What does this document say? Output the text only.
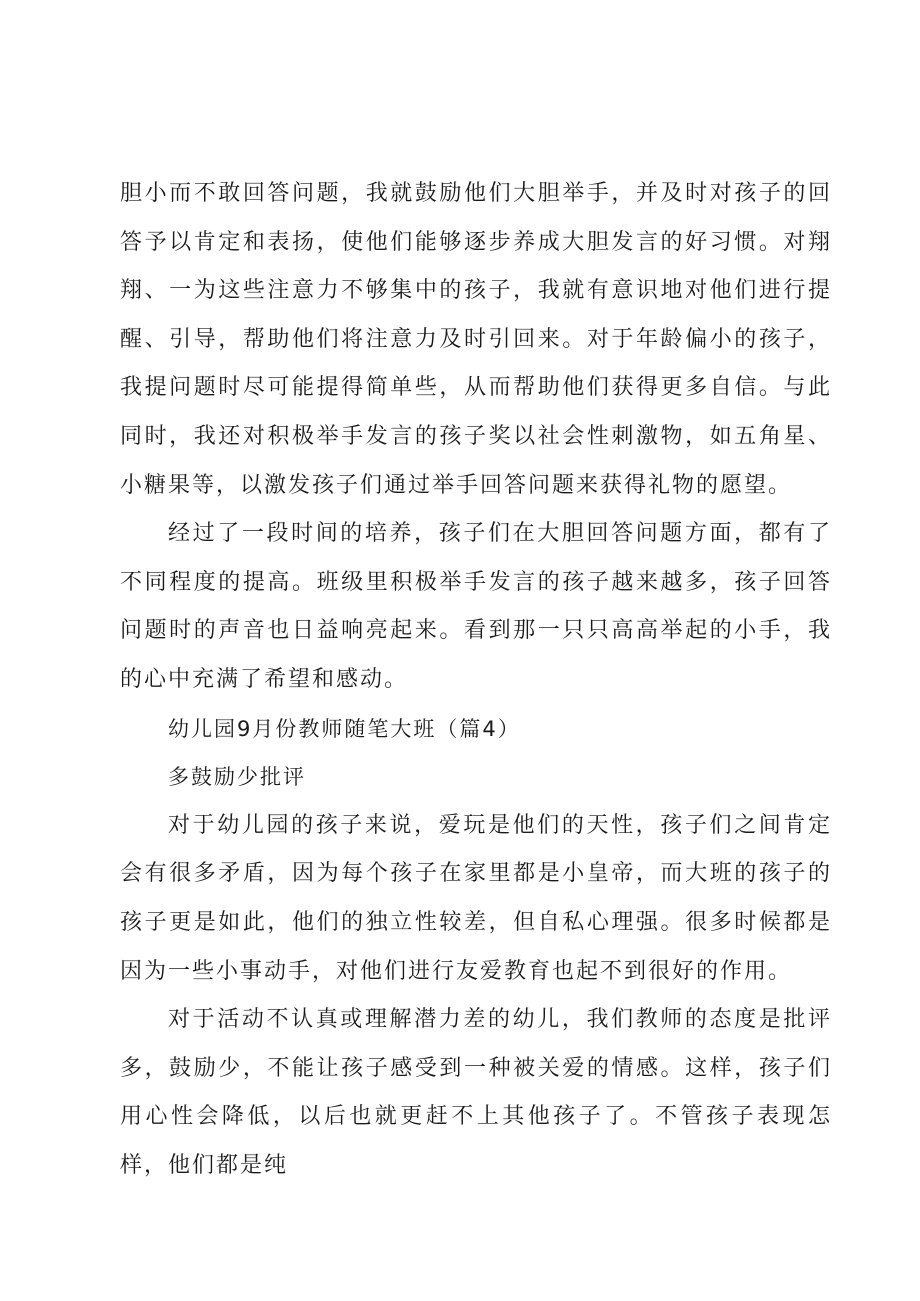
胆小而不敢回答问题，我就鼓励他们大胆举手，并及时对孩子的回答予以肯定和表扬，使他们能够逐步养成大胆发言的好习惯。对翔翔、一为这些注意力不够集中的孩子，我就有意识地对他们进行提醒、引导，帮助他们将注意力及时引回来。对于年龄偏小的孩子，我提问题时尽可能提得简单些，从而帮助他们获得更多自信。与此同时，我还对积极举手发言的孩子奖以社会性刺激物，如五角星、小糖果等，以激发孩子们通过举手回答问题来获得礼物的愿望。

经过了一段时间的培养，孩子们在大胆回答问题方面，都有了不同程度的提高。班级里积极举手发言的孩子越来越多，孩子回答问题时的声音也日益响亮起来。看到那一只只高高举起的小手，我的心中充满了希望和感动。

幼儿园9月份教师随笔大班（篇4）

多鼓励少批评

对于幼儿园的孩子来说，爱玩是他们的天性，孩子们之间肯定会有很多矛盾，因为每个孩子在家里都是小皇帝，而大班的孩子的孩子更是如此，他们的独立性较差，但自私心理强。很多时候都是因为一些小事动手，对他们进行友爱教育也起不到很好的作用。

对于活动不认真或理解潜力差的幼儿，我们教师的态度是批评多，鼓励少，不能让孩子感受到一种被关爱的情感。这样，孩子们用心性会降低，以后也就更赶不上其他孩子了。不管孩子表现怎样，他们都是纯
